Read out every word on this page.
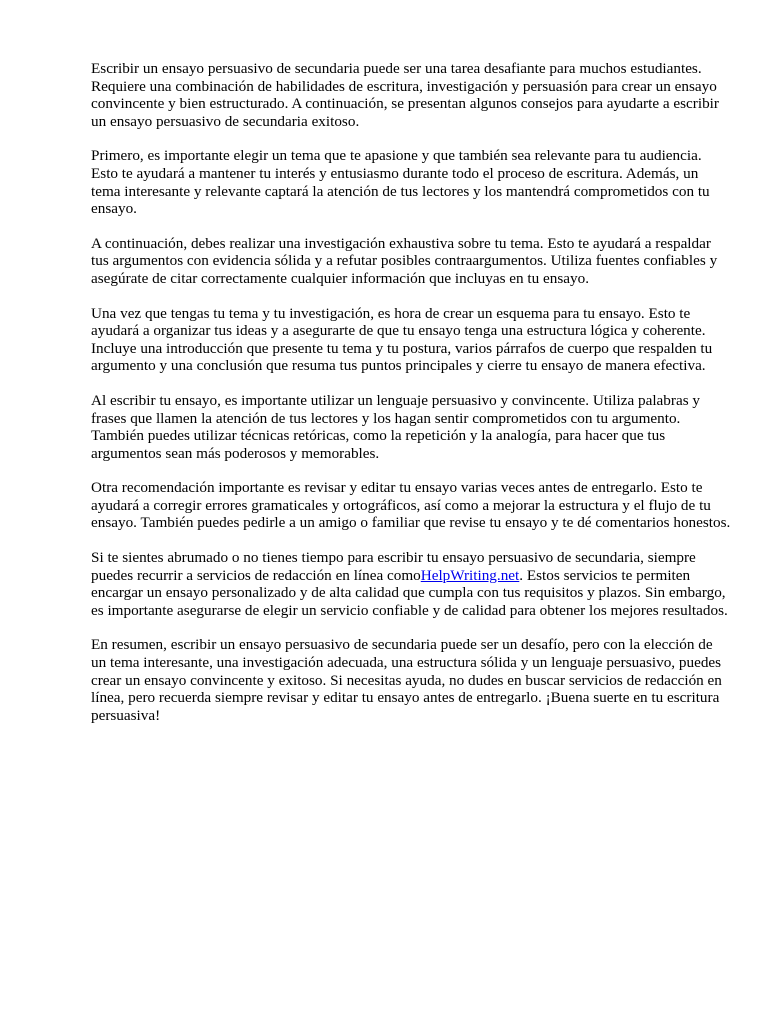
Escribir un ensayo persuasivo de secundaria puede ser una tarea desafiante para muchos estudiantes. Requiere una combinación de habilidades de escritura, investigación y persuasión para crear un ensayo convincente y bien estructurado. A continuación, se presentan algunos consejos para ayudarte a escribir un ensayo persuasivo de secundaria exitoso.

Primero, es importante elegir un tema que te apasione y que también sea relevante para tu audiencia. Esto te ayudará a mantener tu interés y entusiasmo durante todo el proceso de escritura. Además, un tema interesante y relevante captará la atención de tus lectores y los mantendrá comprometidos con tu ensayo.

A continuación, debes realizar una investigación exhaustiva sobre tu tema. Esto te ayudará a respaldar tus argumentos con evidencia sólida y a refutar posibles contraargumentos. Utiliza fuentes confiables y asegúrate de citar correctamente cualquier información que incluyas en tu ensayo.

Una vez que tengas tu tema y tu investigación, es hora de crear un esquema para tu ensayo. Esto te ayudará a organizar tus ideas y a asegurarte de que tu ensayo tenga una estructura lógica y coherente. Incluye una introducción que presente tu tema y tu postura, varios párrafos de cuerpo que respalden tu argumento y una conclusión que resuma tus puntos principales y cierre tu ensayo de manera efectiva.

Al escribir tu ensayo, es importante utilizar un lenguaje persuasivo y convincente. Utiliza palabras y frases que llamen la atención de tus lectores y los hagan sentir comprometidos con tu argumento. También puedes utilizar técnicas retóricas, como la repetición y la analogía, para hacer que tus argumentos sean más poderosos y memorables.

Otra recomendación importante es revisar y editar tu ensayo varias veces antes de entregarlo. Esto te ayudará a corregir errores gramaticales y ortográficos, así como a mejorar la estructura y el flujo de tu ensayo. También puedes pedirle a un amigo o familiar que revise tu ensayo y te dé comentarios honestos.

Si te sientes abrumado o no tienes tiempo para escribir tu ensayo persuasivo de secundaria, siempre puedes recurrir a servicios de redacción en línea comoHelpWriting.net. Estos servicios te permiten encargar un ensayo personalizado y de alta calidad que cumpla con tus requisitos y plazos. Sin embargo, es importante asegurarse de elegir un servicio confiable y de calidad para obtener los mejores resultados.

En resumen, escribir un ensayo persuasivo de secundaria puede ser un desafío, pero con la elección de un tema interesante, una investigación adecuada, una estructura sólida y un lenguaje persuasivo, puedes crear un ensayo convincente y exitoso. Si necesitas ayuda, no dudes en buscar servicios de redacción en línea, pero recuerda siempre revisar y editar tu ensayo antes de entregarlo. ¡Buena suerte en tu escritura persuasiva!
